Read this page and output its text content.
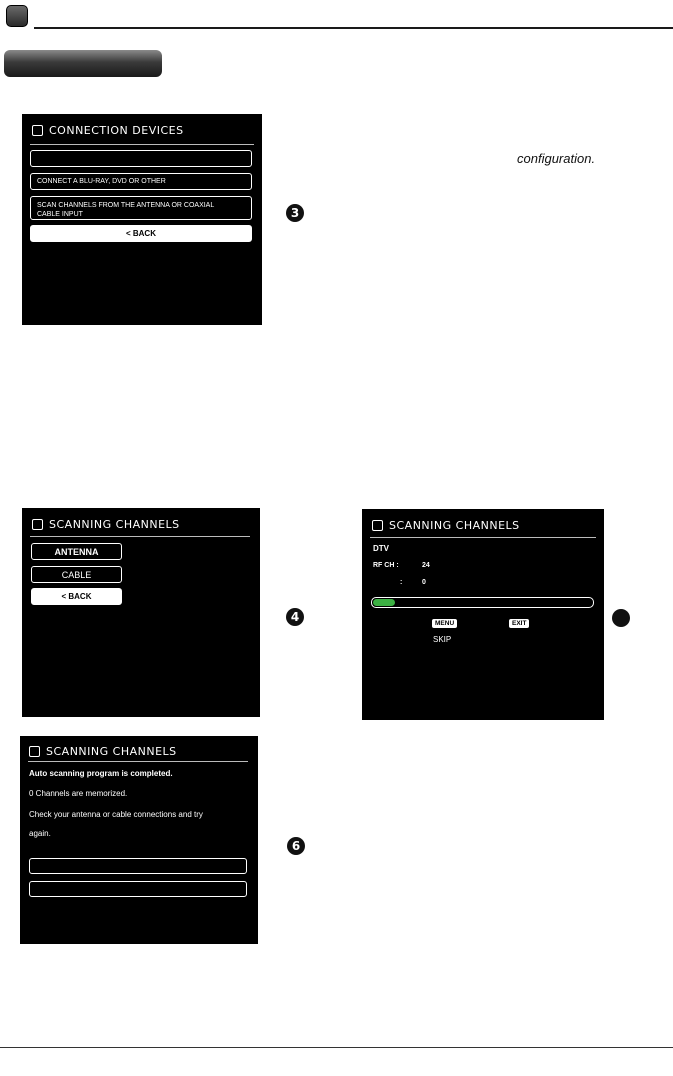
CONNECTION DEVICES
CONNECT A BLU-RAY, DVD OR OTHER
SCAN CHANNELS FROM THE ANTENNA OR COAXIAL CABLE INPUT
< BACK
configuration.
3
SCANNING CHANNELS
ANTENNA
CABLE
< BACK
4
SCANNING CHANNELS
DTV
RF CH :	24
:	0
MENU	EXIT
SKIP
SCANNING CHANNELS
Auto scanning program is completed.
0 Channels are memorized.
Check your antenna or cable connections and try
again.
6
